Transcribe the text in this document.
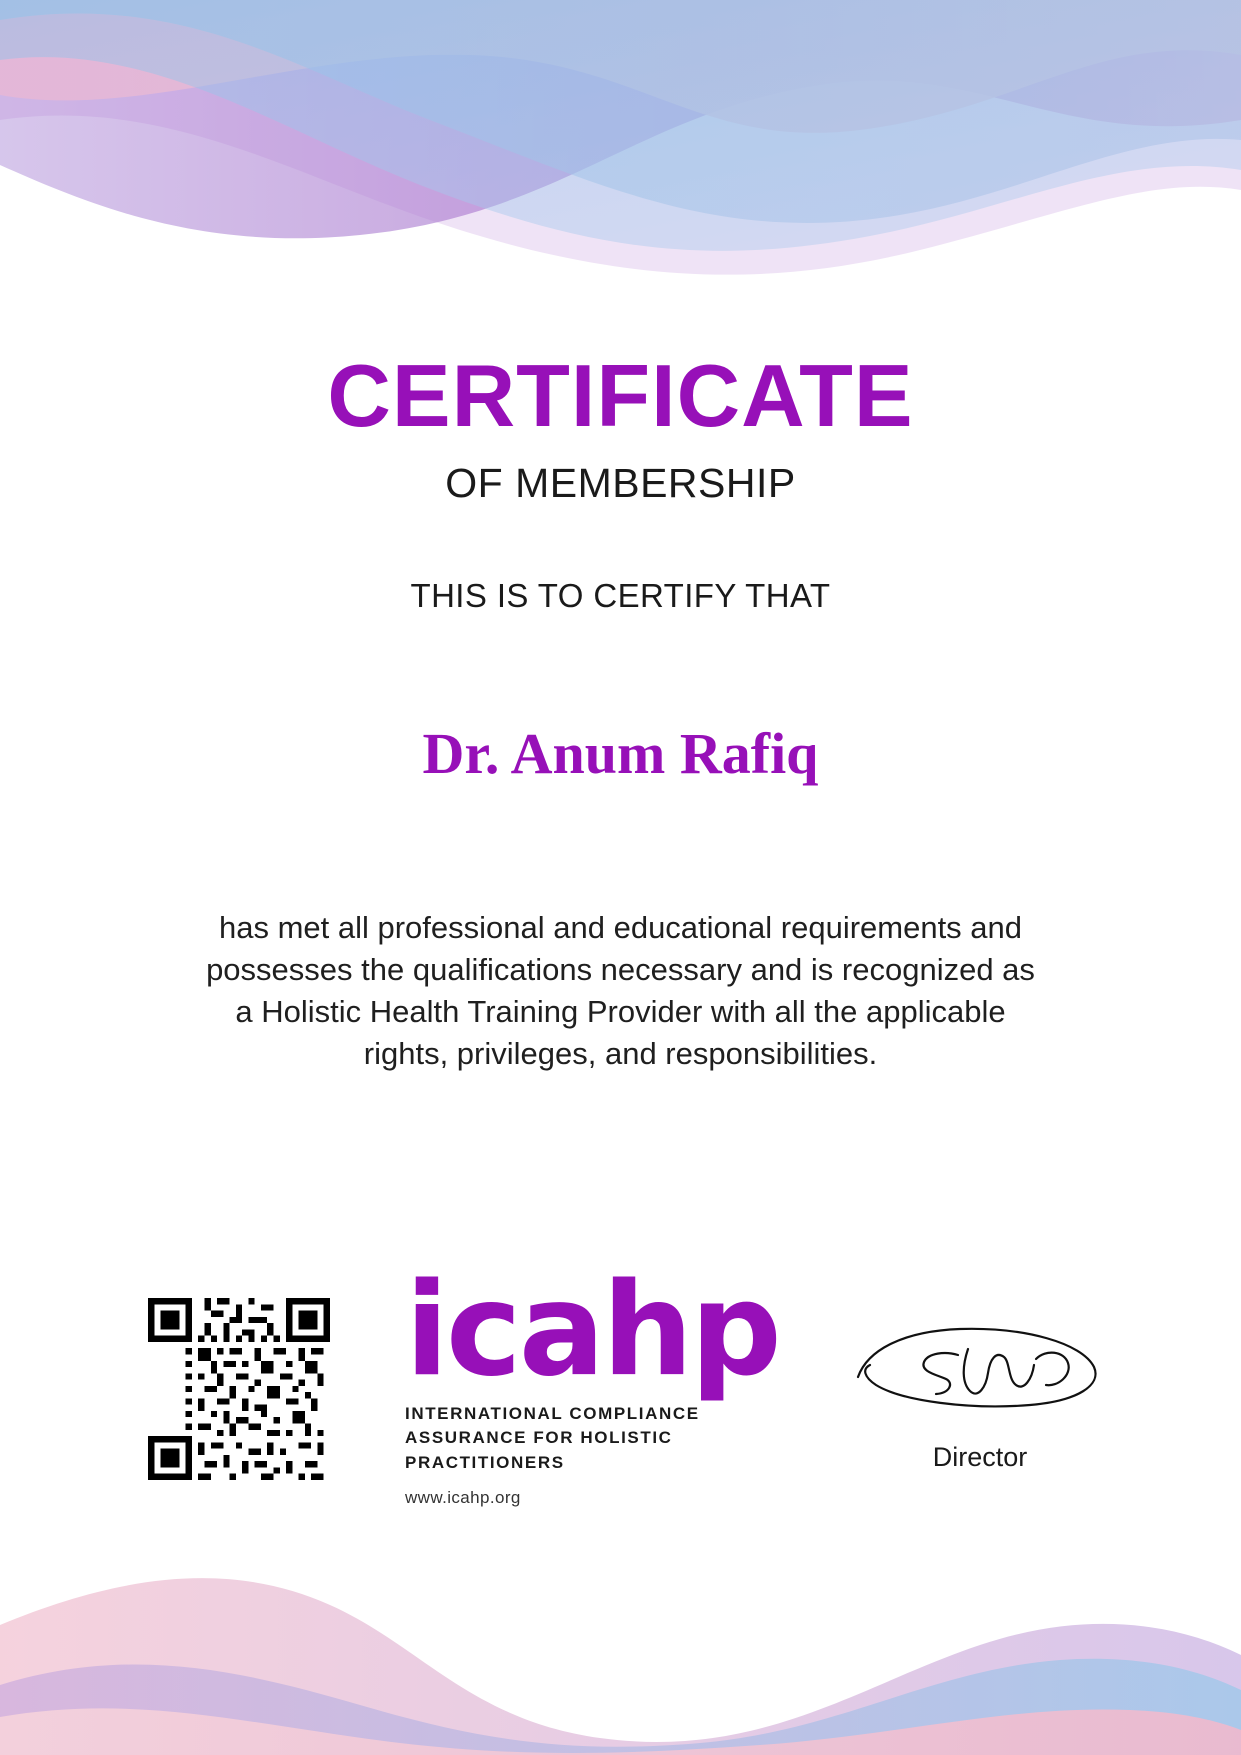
CERTIFICATE
OF MEMBERSHIP
THIS IS TO CERTIFY THAT
Dr. Anum Rafiq
has met all professional and educational requirements and possesses the qualifications necessary and is recognized as a Holistic Health Training Provider with all the applicable rights, privileges, and responsibilities.
icahp
INTERNATIONAL COMPLIANCE ASSURANCE FOR HOLISTIC PRACTITIONERS
www.icahp.org
Director
